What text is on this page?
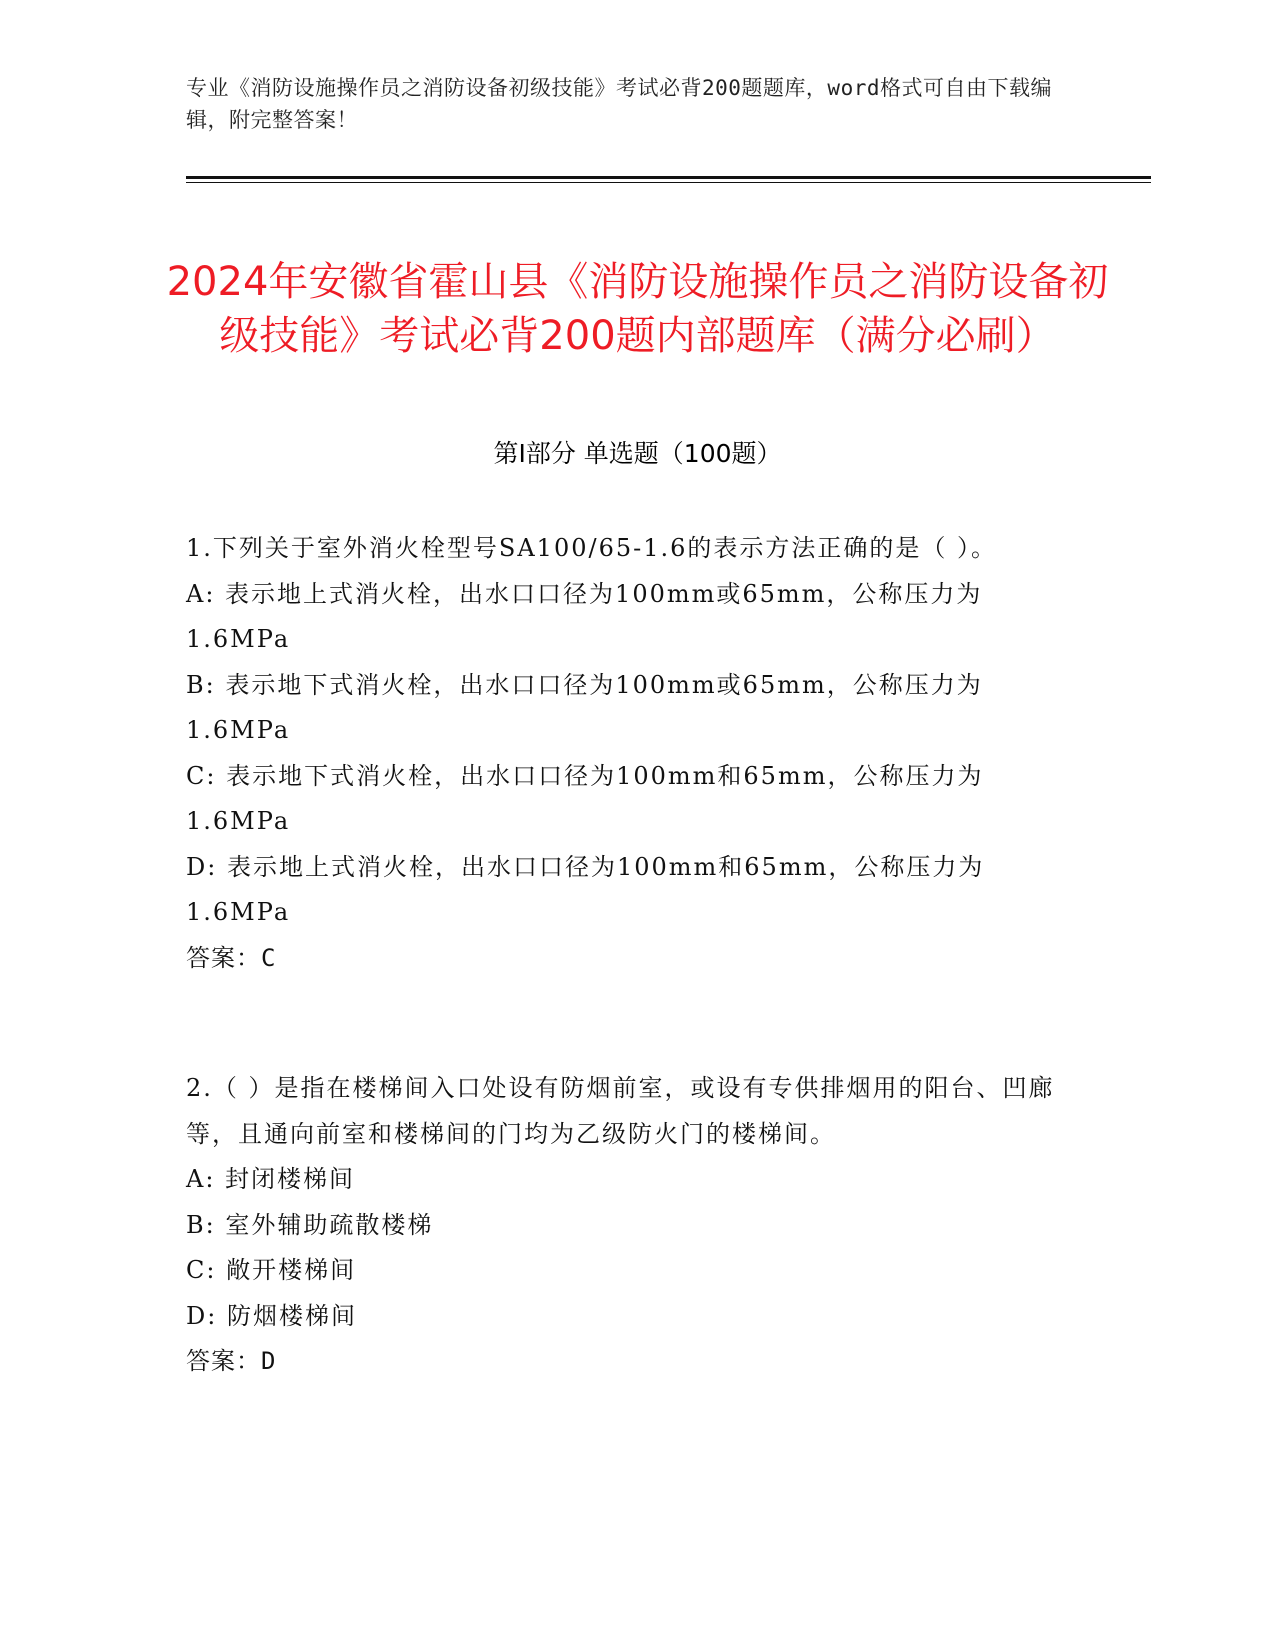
专业《消防设施操作员之消防设备初级技能》考试必背200题题库，word格式可自由下载编辑，附完整答案！
2024年安徽省霍山县《消防设施操作员之消防设备初级技能》考试必背200题内部题库（满分必刷）
第I部分 单选题（100题）
1.下列关于室外消火栓型号SA100/65-1.6的表示方法正确的是（ ）。
A: 表示地上式消火栓，出水口口径为100mm或65mm，公称压力为1.6MPa
B: 表示地下式消火栓，出水口口径为100mm或65mm，公称压力为1.6MPa
C: 表示地下式消火栓，出水口口径为100mm和65mm，公称压力为1.6MPa
D: 表示地上式消火栓，出水口口径为100mm和65mm，公称压力为1.6MPa
答案：C
2.（ ）是指在楼梯间入口处设有防烟前室，或设有专供排烟用的阳台、凹廊等，且通向前室和楼梯间的门均为乙级防火门的楼梯间。
A: 封闭楼梯间
B: 室外辅助疏散楼梯
C: 敞开楼梯间
D: 防烟楼梯间
答案：D
